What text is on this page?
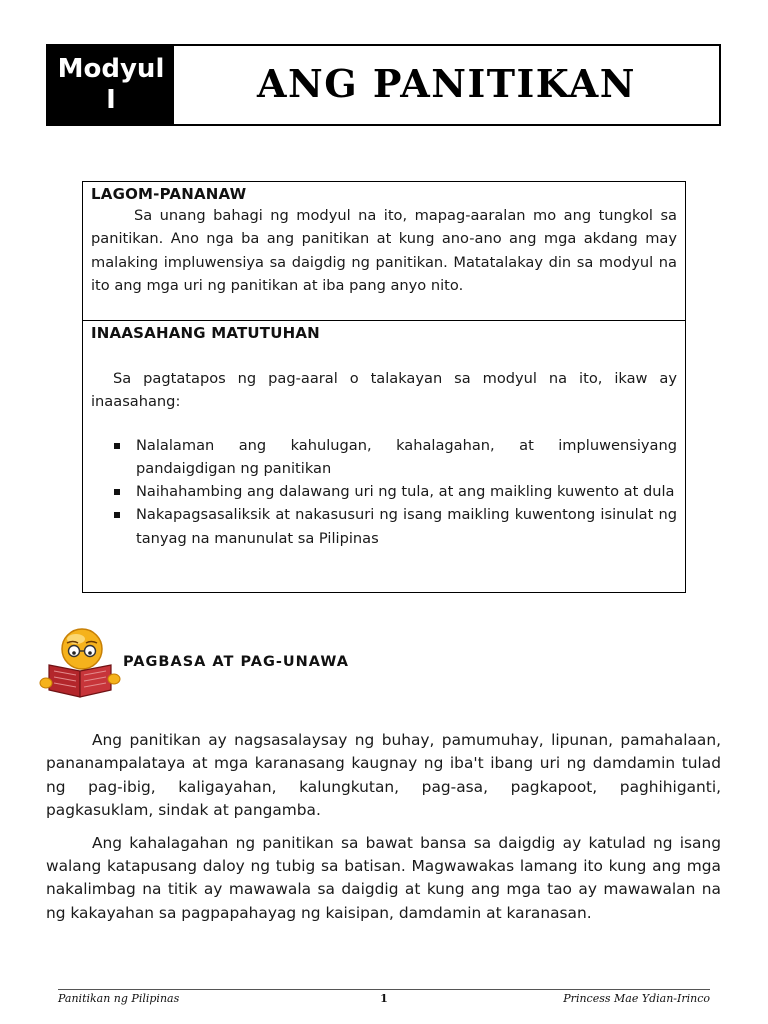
Modyul
I	ANG PANITIKAN
LAGOM-PANANAW

Sa unang bahagi ng modyul na ito, mapag-aaralan mo ang tungkol sa panitikan. Ano nga ba ang panitikan at kung ano-ano ang mga akdang may malaking impluwensiya sa daigdig ng panitikan. Matatalakay din sa modyul na ito ang mga uri ng panitikan at iba pang anyo nito.

INAASAHANG MATUTUHAN

Sa pagtatapos ng pag-aaral o talakayan sa modyul na ito, ikaw ay inaasahang:

Nalalaman ang kahulugan, kahalagahan, at impluwensiyang pandaigdigan ng panitikan
Naihahambing ang dalawang uri ng tula, at ang maikling kuwento at dula
Nakapagsasaliksik at nakasusuri ng isang maikling kuwentong isinulat ng tanyag na manunulat sa Pilipinas
PAGBASA AT PAG-UNAWA

Ang panitikan ay nagsasalaysay ng buhay, pamumuhay, lipunan, pamahalaan, pananampalataya at mga karanasang kaugnay ng iba't ibang uri ng damdamin tulad ng pag-ibig, kaligayahan, kalungkutan, pag-asa, pagkapoot, paghihiganti, pagkasuklam, sindak at pangamba.

Ang kahalagahan ng panitikan sa bawat bansa sa daigdig ay katulad ng isang walang katapusang daloy ng tubig sa batisan. Magwawakas lamang ito kung ang mga nakalimbag na titik ay mawawala sa daigdig at kung ang mga tao ay mawawalan na ng kakayahan sa pagpapahayag ng kaisipan, damdamin at karanasan.

Panitikan ng Pilipinas	1	Princess Mae Ydian-Irinco
